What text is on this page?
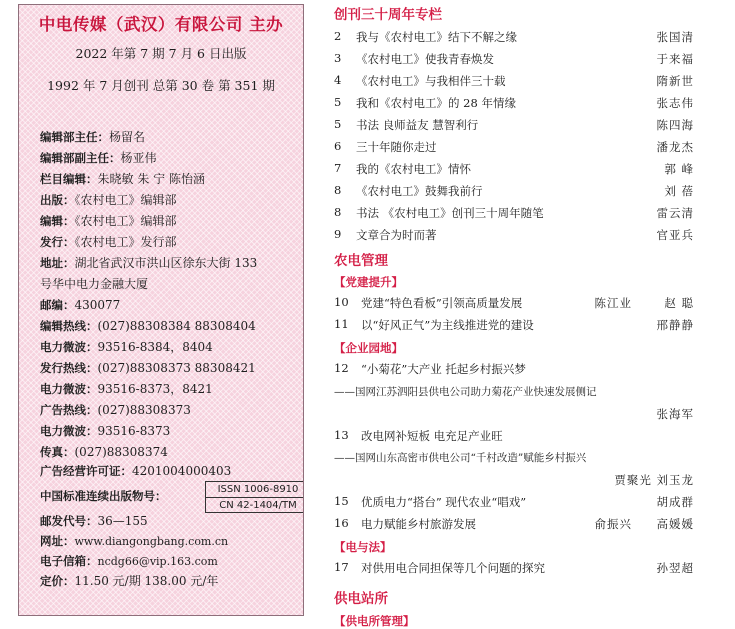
中电传媒（武汉）有限公司 主办
2022 年第 7 期 7 月 6 日出版
1992 年 7 月创刊 总第 30 卷 第 351 期
编辑部主任：杨留名
编辑部副主任：杨亚伟
栏目编辑：朱晓敏 朱 宁 陈怡涵
出版：《农村电工》编辑部
编辑：《农村电工》编辑部
发行：《农村电工》发行部
地址：湖北省武汉市洪山区徐东大街 133
号华中电力金融大厦
邮编：430077
编辑热线：(027)88308384 88308404
电力微波：93516-8384，8404
发行热线：(027)88308373 88308421
电力微波：93516-8373，8421
广告热线：(027)88308373
电力微波：93516-8373
传真：(027)88308374
广告经营许可证：4201004000403
中国标准连续出版物号：	ISSN 1006-8910
CN 42-1404/TM
邮发代号：36—155
网址：www.diangongbang.com.cn
电子信箱：ncdg66@vip.163.com
定价：11.50 元/期 138.00 元/年
创刊三十周年专栏
2 我与《农村电工》结下不解之缘	张国清
3 《农村电工》使我青春焕发	于来福
4 《农村电工》与我相伴三十载	隋新世
5 我和《农村电工》的 28 年情缘	张志伟
5 书法 良师益友 慧智利行	陈四海
6 三十年随你走过	潘龙杰
7 我的《农村电工》情怀	郭 峰
8 《农村电工》鼓舞我前行	刘 蓓
8 书法 《农村电工》创刊三十周年随笔	雷云清
9 文章合为时而著	官亚兵
农电管理
【党建提升】
10 党建“特色看板”引领高质量发展	陈江业	赵 聪
11 以“好风正气”为主线推进党的建设	邢静静
【企业园地】
12 “小菊花”大产业 托起乡村振兴梦
——国网江苏泗阳县供电公司助力菊花产业快速发展侧记
张海军
13 改电网补短板 电充足产业旺
——国网山东高密市供电公司“千村改造”赋能乡村振兴
贾聚光 刘玉龙
15 优质电力“搭台” 现代农业“唱戏”	胡成群
16 电力赋能乡村旅游发展	俞振兴 高媛媛
【电与法】
17 对供用电合同担保等几个问题的探究	孙翌超
供电站所
【供电所管理】
